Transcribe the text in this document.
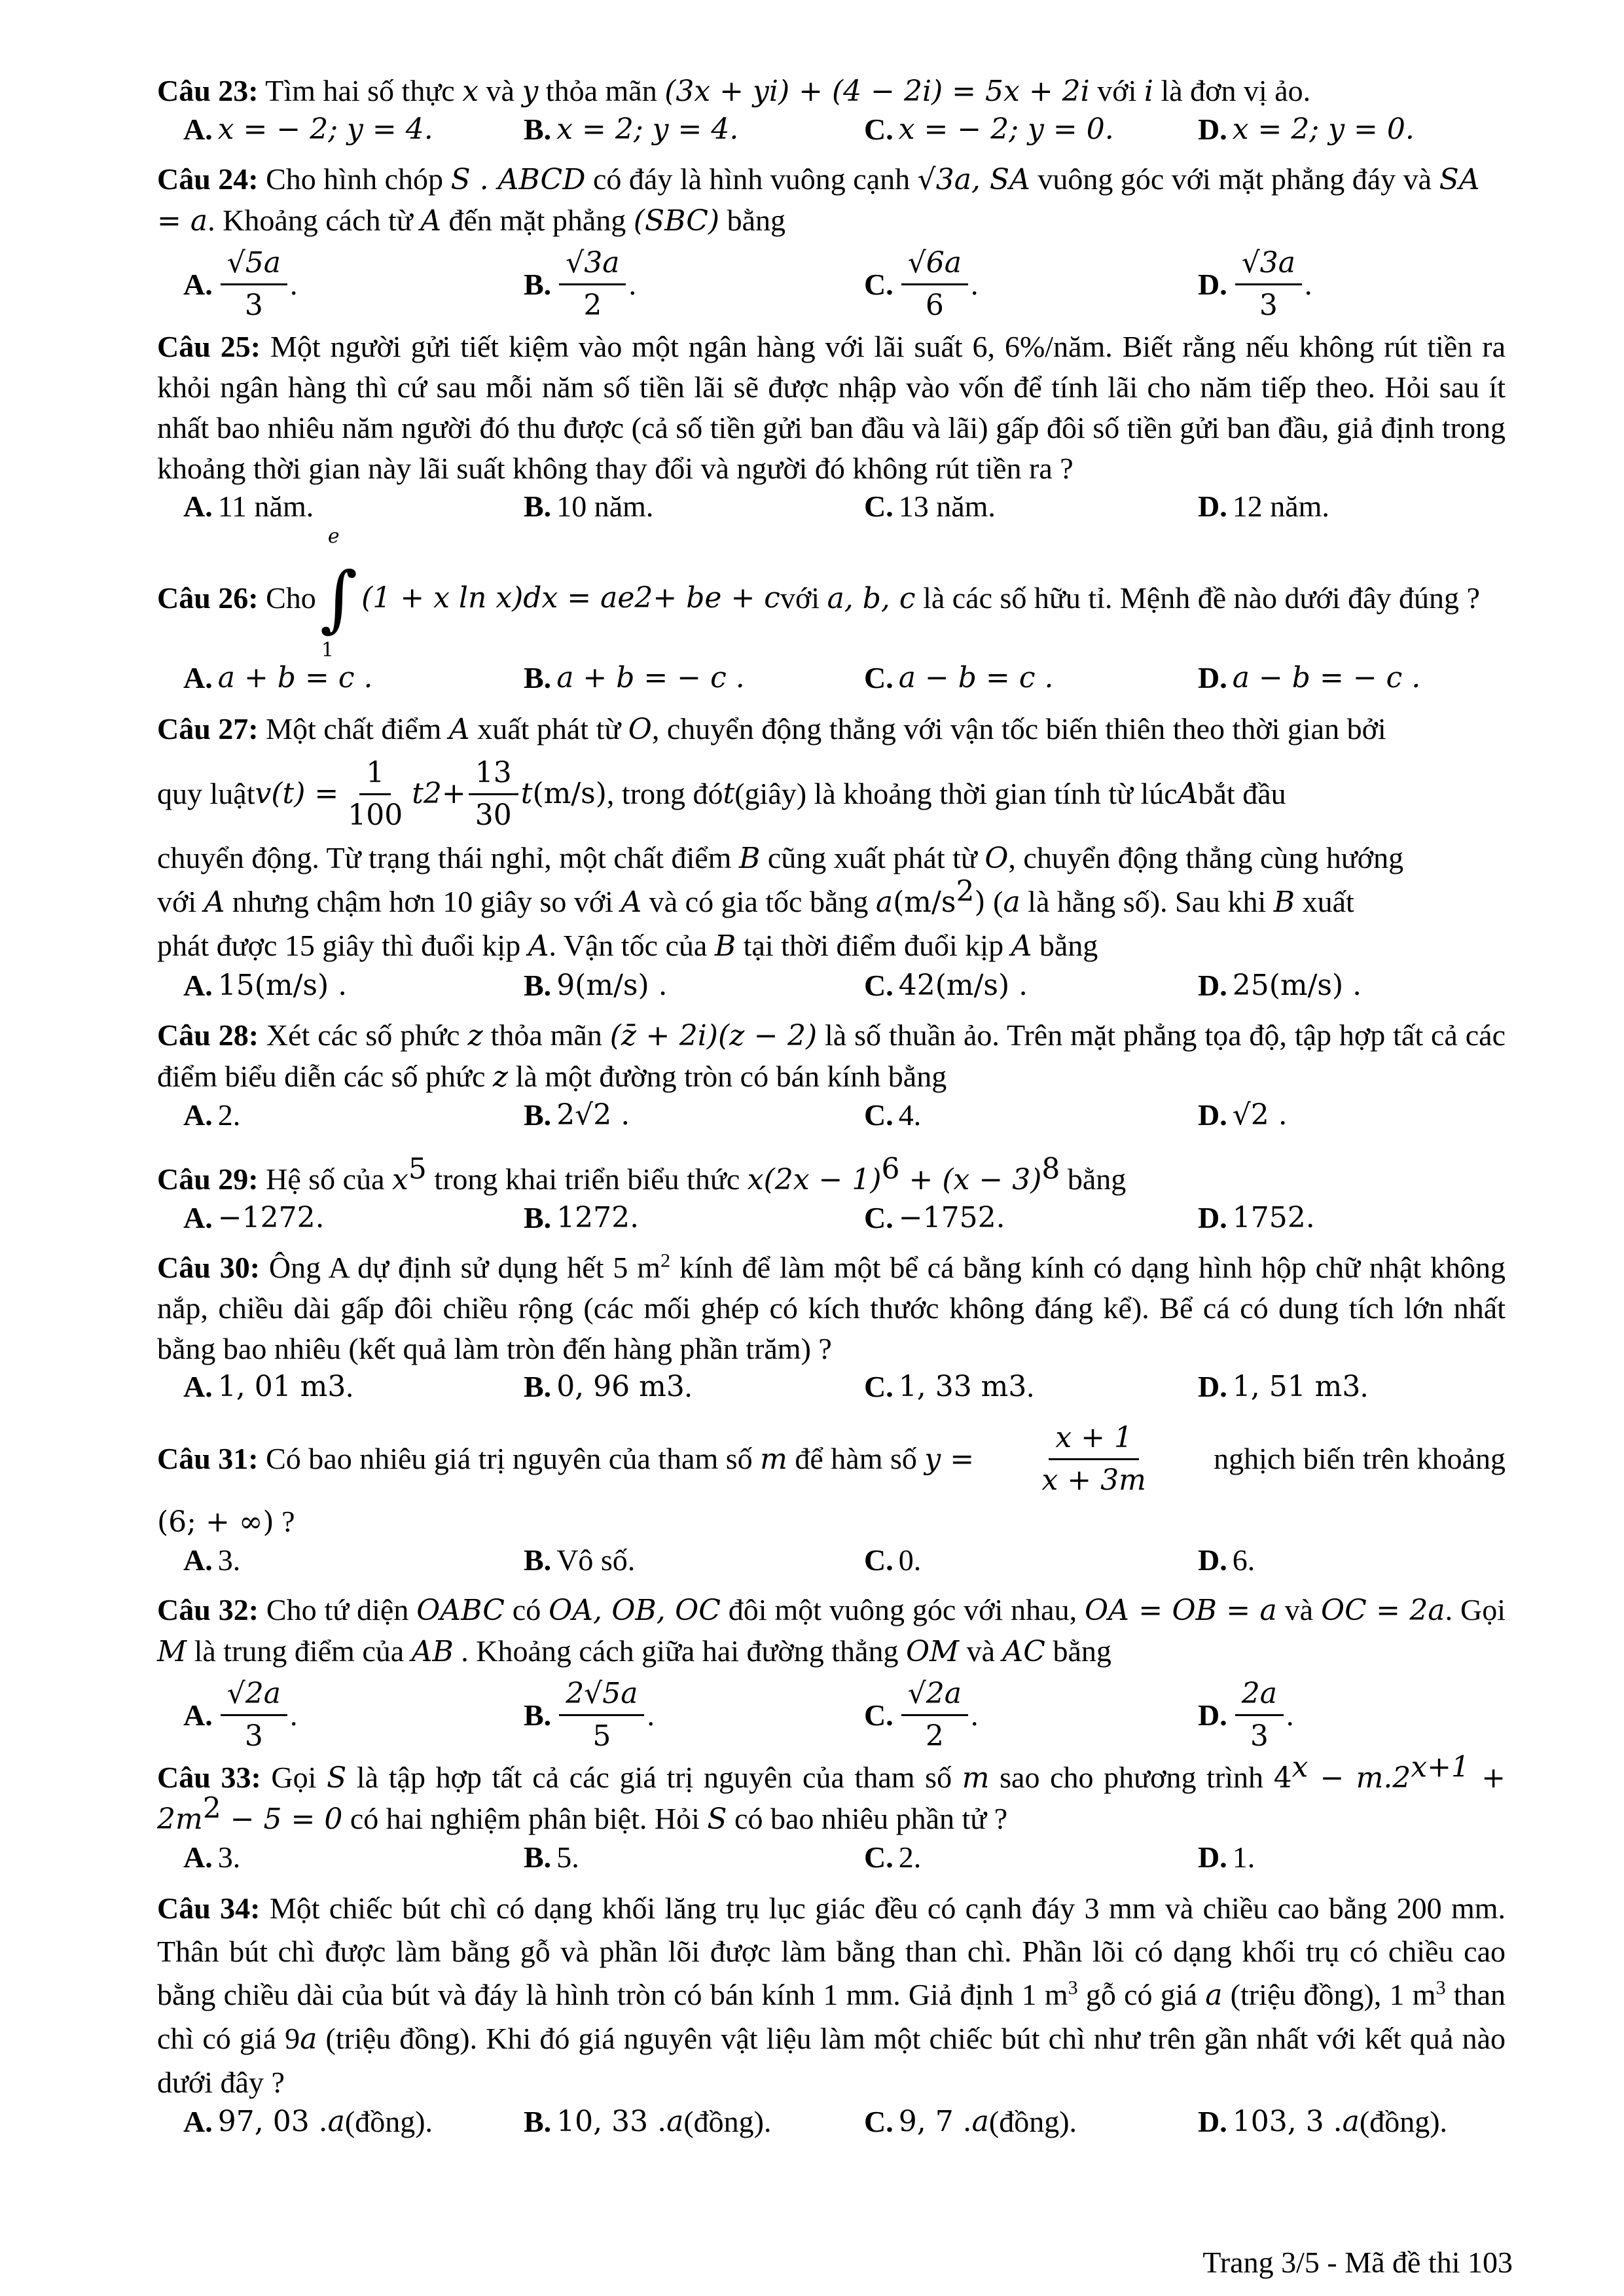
Câu 23: Tìm hai số thực x và y thỏa mãn (3x + yi) + (4 − 2i) = 5x + 2i với i là đơn vị ảo.
A. x = − 2; y = 4.	B. x = 2; y = 4.	C. x = − 2; y = 0.	D. x = 2; y = 0.
Câu 24: Cho hình chóp S . ABCD có đáy là hình vuông cạnh √3a, SA vuông góc với mặt phẳng đáy và SA = a. Khoảng cách từ A đến mặt phẳng (SBC) bằng
A. $\frac{√5a}{3}$ .	B. $\frac{√3a}{2}$ .	C. $\frac{√6a}{6}$ .	D. $\frac{√3a}{3}$ .
Câu 25: Một người gửi tiết kiệm vào một ngân hàng với lãi suất 6, 6%/năm. Biết rằng nếu không rút tiền ra khỏi ngân hàng thì cứ sau mỗi năm số tiền lãi sẽ được nhập vào vốn để tính lãi cho năm tiếp theo. Hỏi sau ít nhất bao nhiêu năm người đó thu được (cả số tiền gửi ban đầu và lãi) gấp đôi số tiền gửi ban đầu, giả định trong khoảng thời gian này lãi suất không thay đổi và người đó không rút tiền ra ?
A. 11 năm.	B. 10 năm.	C. 13 năm.	D. 12 năm.
Câu 26: Cho ∫
e
1
(1 + x ln x)dx = ae 2 + be + c với a, b, c là các số hữu tỉ. Mệnh đề nào dưới đây đúng ?
A. a + b = c .	B. a + b = − c .	C. a − b = c .	D. a − b = − c .
Câu 27: Một chất điểm A xuất phát từ O, chuyển động thẳng với vận tốc biến thiên theo thời gian bởi
quy luật $v(t) = \frac{1}{100}$ t $2 + \frac{13}{30}$ t (m/s) , trong đó t (giây) là khoảng thời gian tính từ lúc A bắt đầu
chuyển động. Từ trạng thái nghỉ, một chất điểm B cũng xuất phát từ O, chuyển động thẳng cùng hướng
với A nhưng chậm hơn 10 giây so với A và có gia tốc bằng $a(m/s^2)$ (a là hằng số). Sau khi B xuất
phát được 15 giây thì đuổi kịp A. Vận tốc của B tại thời điểm đuổi kịp A bằng
A. 15(m/s) .	B. 9(m/s) .	C. 42(m/s) .	D. 25(m/s) .
Câu 28: Xét các số phức z thỏa mãn (z̄ + 2i)(z − 2) là số thuần ảo. Trên mặt phẳng tọa độ, tập hợp tất cả các điểm biểu diễn các số phức z là một đường tròn có bán kính bằng
A. 2.	B. 2√2 .	C. 4.	D. √2 .
Câu 29: Hệ số của $x^5$ trong khai triển biểu thức $x(2x - 1)^6 + (x - 3)^8$ bằng
A. −1272.	B. 1272.	C. −1752.	D. 1752.
Câu 30: Ông A dự định sử dụng hết 5 $m^2$ kính để làm một bể cá bằng kính có dạng hình hộp chữ nhật không nắp, chiều dài gấp đôi chiều rộng (các mối ghép có kích thước không đáng kể). Bể cá có dung tích lớn nhất bằng bao nhiêu (kết quả làm tròn đến hàng phần trăm) ?
A. 1, 01 m 3 .	B. 0, 96 m 3 .	C. 1, 33 m 3 .	D. 1, 51 m 3 .
Câu 31: Có bao nhiêu giá trị nguyên của tham số m để hàm số $y = \frac{x + 1}{x + 3m}$ nghịch biến trên khoảng
(6; + ∞) ?
A. 3.	B. Vô số.	C. 0.	D. 6.
Câu 32: Cho tứ diện OABC có OA, OB, OC đôi một vuông góc với nhau, OA = OB = a và OC = 2a. Gọi M là trung điểm của AB . Khoảng cách giữa hai đường thẳng OM và AC bằng
A. $\frac{√2a}{3}$ .	B. $\frac{2√5a}{5}$ .	C. $\frac{√2a}{2}$ .	D. $\frac{2a}{3}$ .
Câu 33: Gọi S là tập hợp tất cả các giá trị nguyên của tham số m sao cho phương trình $4^x - m.2^{x+1} + 2m^2 - 5 = 0$ có hai nghiệm phân biệt. Hỏi S có bao nhiêu phần tử ?
A. 3.	B. 5.	C. 2.	D. 1.
Câu 34: Một chiếc bút chì có dạng khối lăng trụ lục giác đều có cạnh đáy 3 mm và chiều cao bằng 200 mm. Thân bút chì được làm bằng gỗ và phần lõi được làm bằng than chì. Phần lõi có dạng khối trụ có chiều cao bằng chiều dài của bút và đáy là hình tròn có bán kính 1 mm. Giả định 1 $m^3$ gỗ có giá a (triệu đồng), 1 $m^3$ than chì có giá 9a (triệu đồng). Khi đó giá nguyên vật liệu làm một chiếc bút chì như trên gần nhất với kết quả nào dưới đây ?
A. 97, 03 . a (đồng).	B. 10, 33 . a (đồng).	C. 9, 7 . a (đồng).	D. 103, 3 . a (đồng).
Trang 3/5 - Mã đề thi 103
